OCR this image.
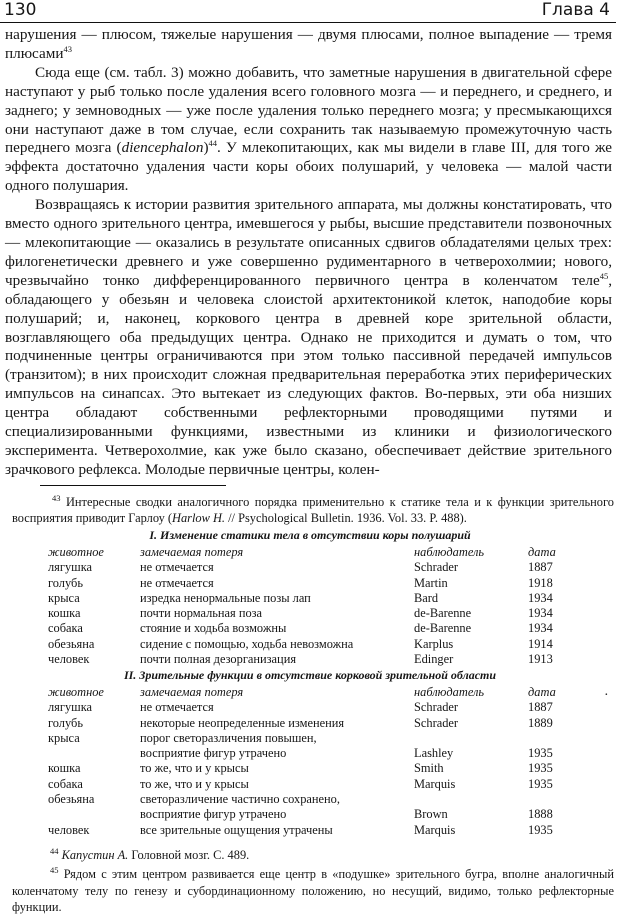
130	Глава 4

нарушения — плюсом, тяжелые нарушения — двумя плюсами, полное выпадение — тремя плюсами$^{43}$

Сюда еще (см. табл. 3) можно добавить, что заметные нарушения в двигательной сфере наступают у рыб только после удаления всего головного мозга — и переднего, и среднего, и заднего; у земноводных — уже после удаления только переднего мозга; у пресмыкающихся они наступают даже в том случае, если сохранить так называемую промежуточную часть переднего мозга (diencephalon)$^{44}$. У млекопитающих, как мы видели в главе III, для того же эффекта достаточно удаления части коры обоих полушарий, у человека — малой части одного полушария.

Возвращаясь к истории развития зрительного аппарата, мы должны констатировать, что вместо одного зрительного центра, имевшегося у рыбы, высшие представители позвоночных — млекопитающие — оказались в результате описанных сдвигов обладателями целых трех: филогенетически древнего и уже совершенно рудиментарного в четверохолмии; нового, чрезвычайно тонко дифференцированного первичного центра в коленчатом теле$^{45}$, обладающего у обезьян и человека слоистой архитектоникой клеток, наподобие коры полушарий; и, наконец, коркового центра в древней коре зрительной области, возглавляющего оба предыдущих центра. Однако не приходится и думать о том, что подчиненные центры ограничиваются при этом только пассивной передачей импульсов (транзитом); в них происходит сложная предварительная переработка этих периферических импульсов на синапсах. Это вытекает из следующих фактов. Во-первых, эти оба низших центра обладают собственными рефлекторными проводящими путями и специализированными функциями, известными из клиники и физиологического эксперимента. Четверохолмие, как уже было сказано, обеспечивает действие зрительного зрачкового рефлекса. Молодые первичные центры, колен-

$^{43}$ Интересные сводки аналогичного порядка применительно к статике тела и к функции зрительного восприятия приводит Гарлоу (Harlow H. // Psychological Bulletin. 1936. Vol. 33. P. 488).
I. Изменение статики тела в отсутствии коры полушарий
животное	замечаемая потеря	наблюдатель	дата
лягушка	не отмечается	Schrader	1887
голубь	не отмечается	Martin	1918
крыса	изредка ненормальные позы лап	Bard	1934
кошка	почти нормальная поза	de-Barenne	1934
собака	стояние и ходьба возможны	de-Barenne	1934
обезьяна	сидение с помощью, ходьба невозможна	Karplus	1914
человек	почти полная дезорганизация	Edinger	1913
II. Зрительные функции в отсутствие корковой зрительной области
·
животное	замечаемая потеря	наблюдатель	дата
лягушка	не отмечается	Schrader	1887
голубь	некоторые неопределенные изменения	Schrader	1889
крыса	порог светоразличения повышен,		
	восприятие фигур утрачено	Lashley	1935
кошка	то же, что и у крысы	Smith	1935
собака	то же, что и у крысы	Marquis	1935
обезьяна	светоразличение частично сохранено,		
	восприятие фигур утрачено	Brown	1888
человек	все зрительные ощущения утрачены	Marquis	1935
$^{44}$ Капустин А. Головной мозг. С. 489.
$^{45}$ Рядом с этим центром развивается еще центр в «подушке» зрительного бугра, вполне аналогичный коленчатому телу по генезу и субординационному положению, но несущий, видимо, только рефлекторные функции.
